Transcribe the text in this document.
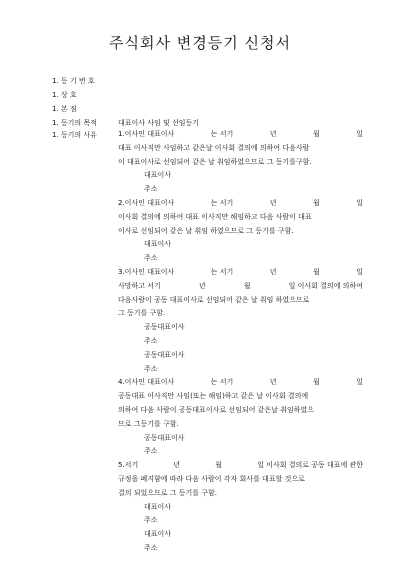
주식회사 변경등기 신청서
1. 등 기 번 호
1. 상 호
1. 본 점
1. 등기의 목적	대표이사 사임 및 선임등기
1. 등기의 사유	1.이사인 대표이사	는 서기	년	월	일
대표 이사직만 사임하고 같은날 이사회 결의에 의하여 다음사람
이 대표이사로 선임되어 같은 날 취임하였으므로 그 등기를구함.
대표이사
주소
2.이사인 대표이사	는 서기	년	월	일
이사회 결의에 의하여 대표 이사직만 해임하고 다음 사람이 대표
이사로 선임되어 같은 날 취임 하였으므로 그 등기를 구함.
대표이사
주소
3.이사인 대표이사	는 서기	년	월	일
사망하고 서기	년	월	일 이사회 결의에 의하여
다음사람이 공동 대표이사로 선임되어 같은 날 취임 하였으므로
그 등기를 구함.
공동대표이사
주소
공동대표이사
주소
4.이사인 대표이사	는 서기	년	월	일
공동대표 이사직만 사임(또는 해임)하고 같은 날 이사회 결의에
의하여 다음 사람이 공동대표이사로 선임되어 같은날 취임하였으
므로 그등기를 구함.
공동대표이사
주소
5.서기	년	월	일 이사회 결의로 공동 대표에 관한
규정을 폐지함에 따라 다음 사람이 각자 회사를 대표할 것으로
결의 되었으므로 그 등기를 구함.
대표이사
주소
대표이사
주소
